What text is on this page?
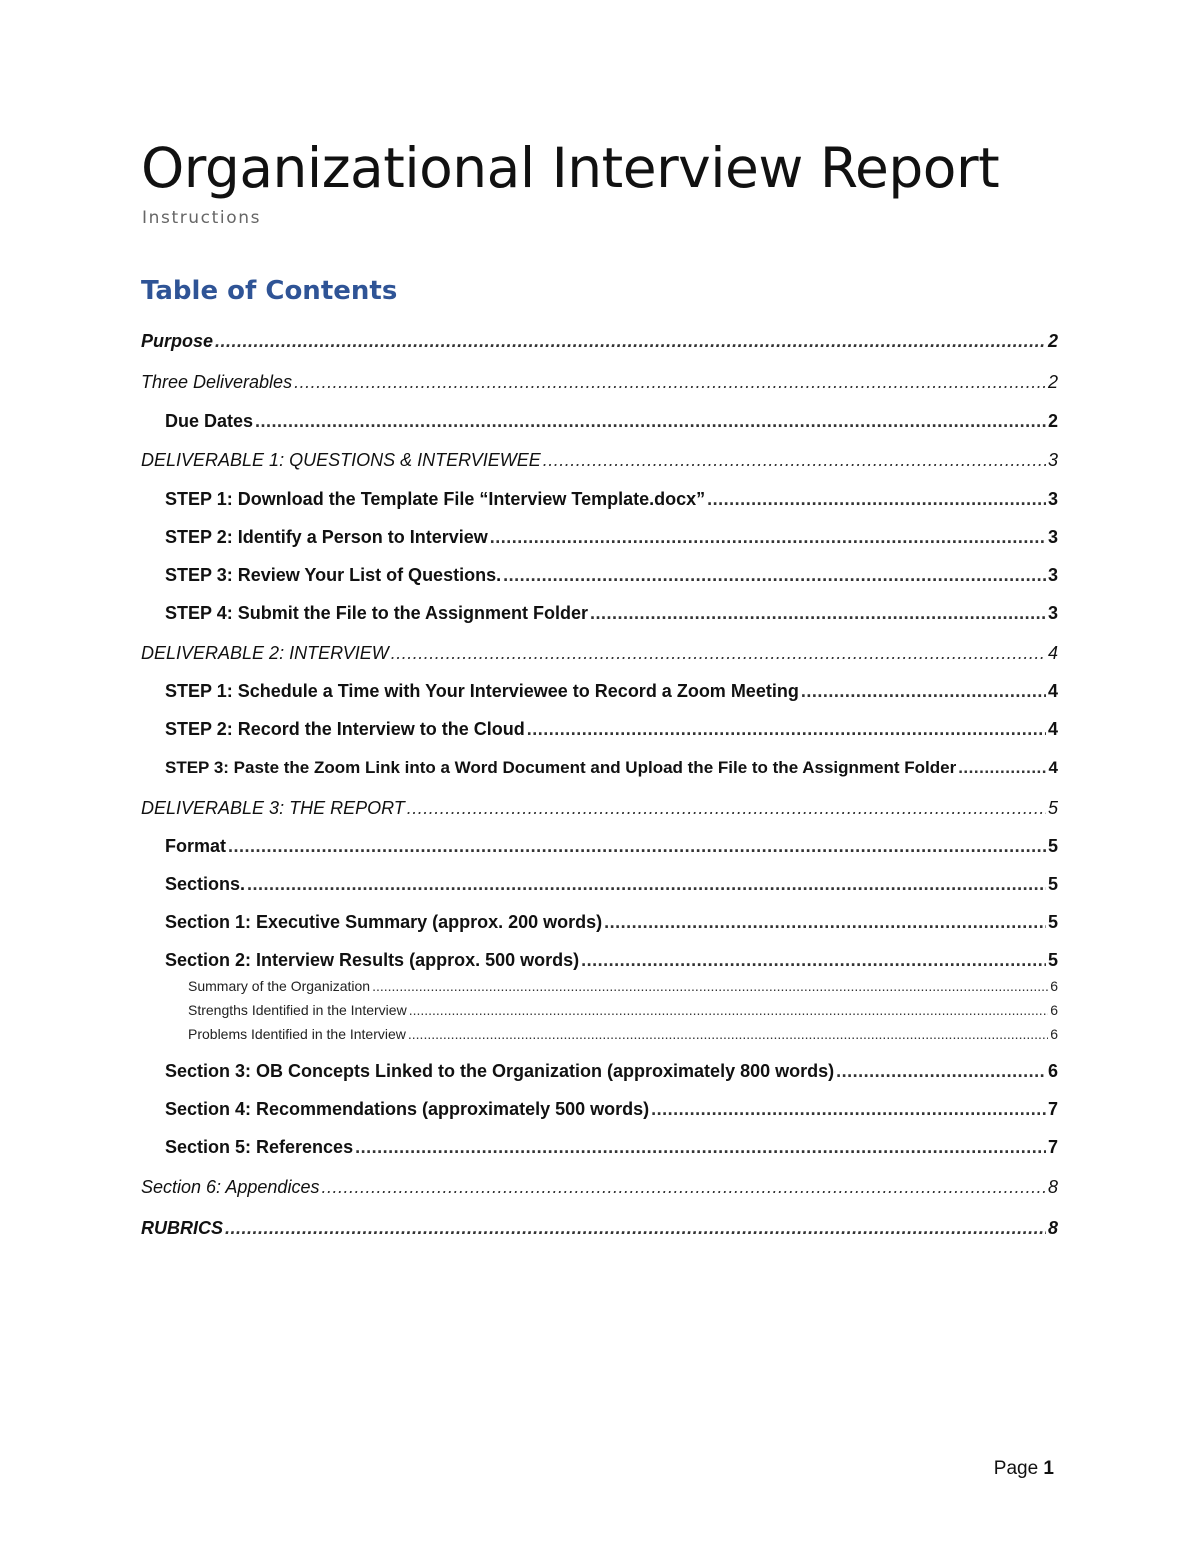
Organizational Interview Report
Instructions
Table of Contents
Purpose .....	2
Three Deliverables .....	2
Due Dates .....	2
DELIVERABLE 1: QUESTIONS & INTERVIEWEE .....	3
STEP 1: Download the Template File “Interview Template.docx” .....	3
STEP 2: Identify a Person to Interview .....	3
STEP 3: Review Your List of Questions. .....	3
STEP 4: Submit the File to the Assignment Folder .....	3
DELIVERABLE 2: INTERVIEW .....	4
STEP 1: Schedule a Time with Your Interviewee to Record a Zoom Meeting .....	4
STEP 2: Record the Interview to the Cloud .....	4
STEP 3: Paste the Zoom Link into a Word Document and Upload the File to the Assignment Folder .....	4
DELIVERABLE 3: THE REPORT .....	5
Format .....	5
Sections. .....	5
Section 1: Executive Summary (approx. 200 words) .....	5
Section 2: Interview Results (approx. 500 words) .....	5
Summary of the Organization .....	6
Strengths Identified in the Interview .....	6
Problems Identified in the Interview .....	6
Section 3: OB Concepts Linked to the Organization (approximately 800 words) .....	6
Section 4: Recommendations (approximately 500 words) .....	7
Section 5: References .....	7
Section 6: Appendices .....	8
RUBRICS .....	8
Page 1
